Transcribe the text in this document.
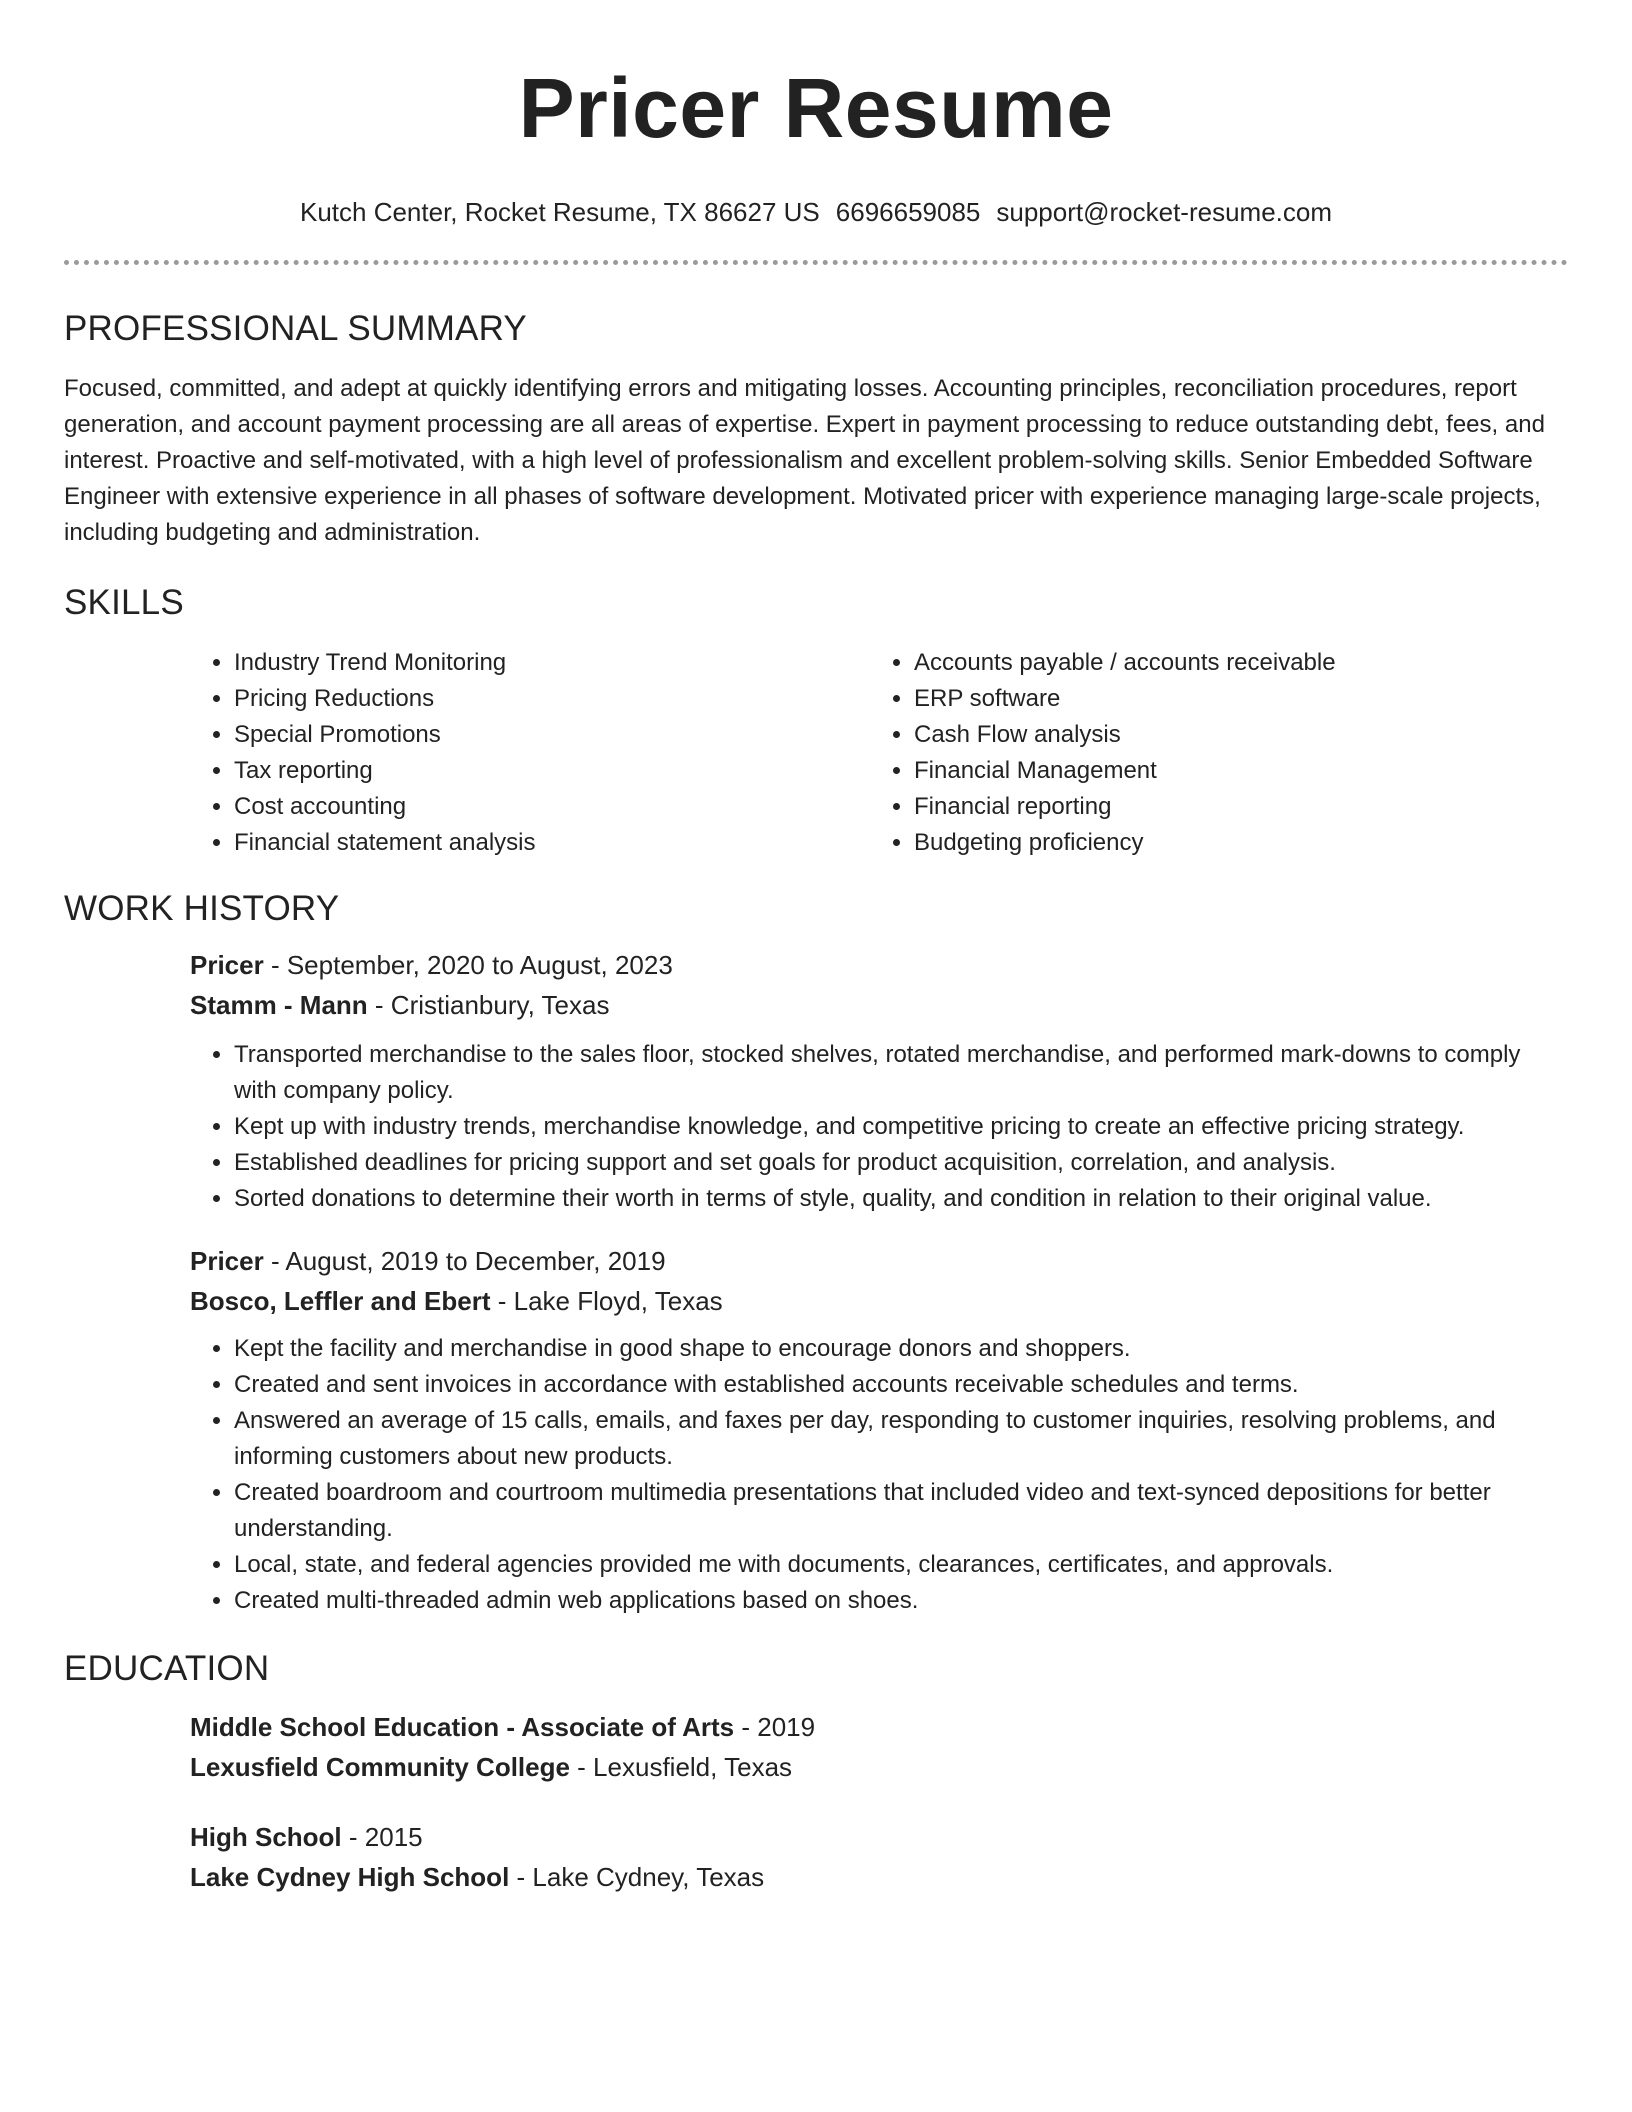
Pricer Resume
Kutch Center, Rocket Resume, TX 86627 US 6696659085 support@rocket-resume.com
PROFESSIONAL SUMMARY

Focused, committed, and adept at quickly identifying errors and mitigating losses. Accounting principles, reconciliation procedures, report generation, and account payment processing are all areas of expertise. Expert in payment processing to reduce outstanding debt, fees, and interest. Proactive and self-motivated, with a high level of professionalism and excellent problem-solving skills. Senior Embedded Software Engineer with extensive experience in all phases of software development. Motivated pricer with experience managing large-scale projects, including budgeting and administration.

SKILLS
• Industry Trend Monitoring
• Pricing Reductions
• Special Promotions
• Tax reporting
• Cost accounting
• Financial statement analysis
• Accounts payable / accounts receivable
• ERP software
• Cash Flow analysis
• Financial Management
• Financial reporting
• Budgeting proficiency
WORK HISTORY
Pricer - September, 2020 to August, 2023
Stamm - Mann - Cristianbury, Texas
• Transported merchandise to the sales floor, stocked shelves, rotated merchandise, and performed mark-downs to comply with company policy.
• Kept up with industry trends, merchandise knowledge, and competitive pricing to create an effective pricing strategy.
• Established deadlines for pricing support and set goals for product acquisition, correlation, and analysis.
• Sorted donations to determine their worth in terms of style, quality, and condition in relation to their original value.
Pricer - August, 2019 to December, 2019
Bosco, Leffler and Ebert - Lake Floyd, Texas
• Kept the facility and merchandise in good shape to encourage donors and shoppers.
• Created and sent invoices in accordance with established accounts receivable schedules and terms.
• Answered an average of 15 calls, emails, and faxes per day, responding to customer inquiries, resolving problems, and informing customers about new products.
• Created boardroom and courtroom multimedia presentations that included video and text-synced depositions for better understanding.
• Local, state, and federal agencies provided me with documents, clearances, certificates, and approvals.
• Created multi-threaded admin web applications based on shoes.
EDUCATION
Middle School Education - Associate of Arts - 2019
Lexusfield Community College - Lexusfield, Texas
High School - 2015
Lake Cydney High School - Lake Cydney, Texas
